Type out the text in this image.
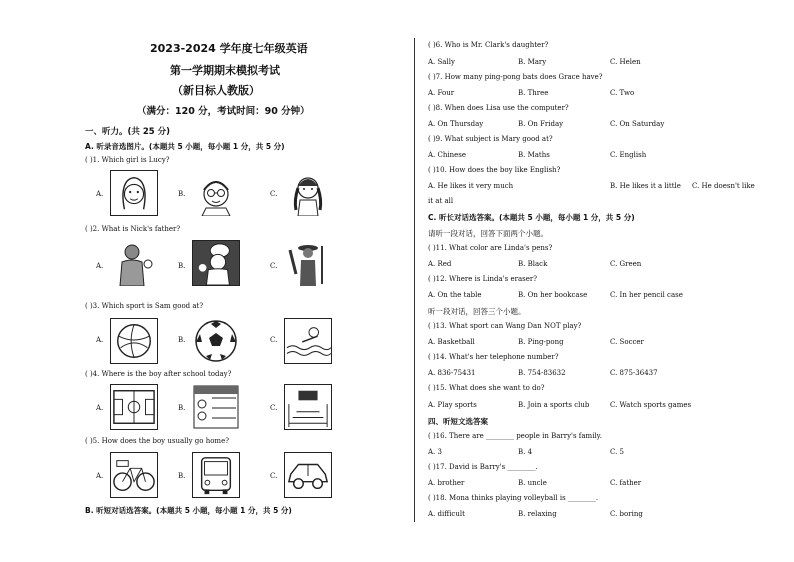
2023-2024 学年度七年级英语
第一学期期末模拟考试
（新目标人教版）
（满分：120 分，考试时间：90 分钟）
一、听力。(共 25 分)
A. 听录音选图片。(本题共 5 小题，每小题 1 分，共 5 分)
( )1. Which girl is Lucy?
A.	B.	C.
( )2. What is Nick's father?
A.	B.	C.
( )3. Which sport is Sam good at?
A.	B.	C.
( )4. Where is the boy after school today?
A.	B.	C.
( )5. How does the boy usually go home?
A.	B.	C.
B. 听短对话选答案。(本题共 5 小题，每小题 1 分，共 5 分)
( )6. Who is Mr. Clark's daughter?
A. Sally	B. Mary	C. Helen
( )7. How many ping-pong bats does Grace have?
A. Four	B. Three	C. Two
( )8. When does Lisa use the computer?
A. On Thursday	B. On Friday	C. On Saturday
( )9. What subject is Mary good at?
A. Chinese	B. Maths	C. English
( )10. How does the boy like English?
A. He likes it very much	B. He likes it a little C. He doesn't like
it at all
C. 听长对话选答案。(本题共 5 小题，每小题 1 分，共 5 分)
请听一段对话，回答下面两个小题。
( )11. What color are Linda's pens?
A. Red	B. Black	C. Green
( )12. Where is Linda's eraser?
A. On the table	B. On her bookcase	C. In her pencil case
听一段对话，回答三个小题。
( )13. What sport can Wang Dan NOT play?
A. Basketball	B. Ping-pong	C. Soccer
( )14. What's her telephone number?
A. 836-75431	B. 754-83632	C. 875-36437
( )15. What does she want to do?
A. Play sports	B. Join a sports club	C. Watch sports games
四、听短文选答案
( )16. There are ________ people in Barry's family.
A. 3	B. 4	C. 5
( )17. David is Barry's ________.
A. brother	B. uncle	C. father
( )18. Mona thinks playing volleyball is ________.
A. difficult	B. relaxing	C. boring
